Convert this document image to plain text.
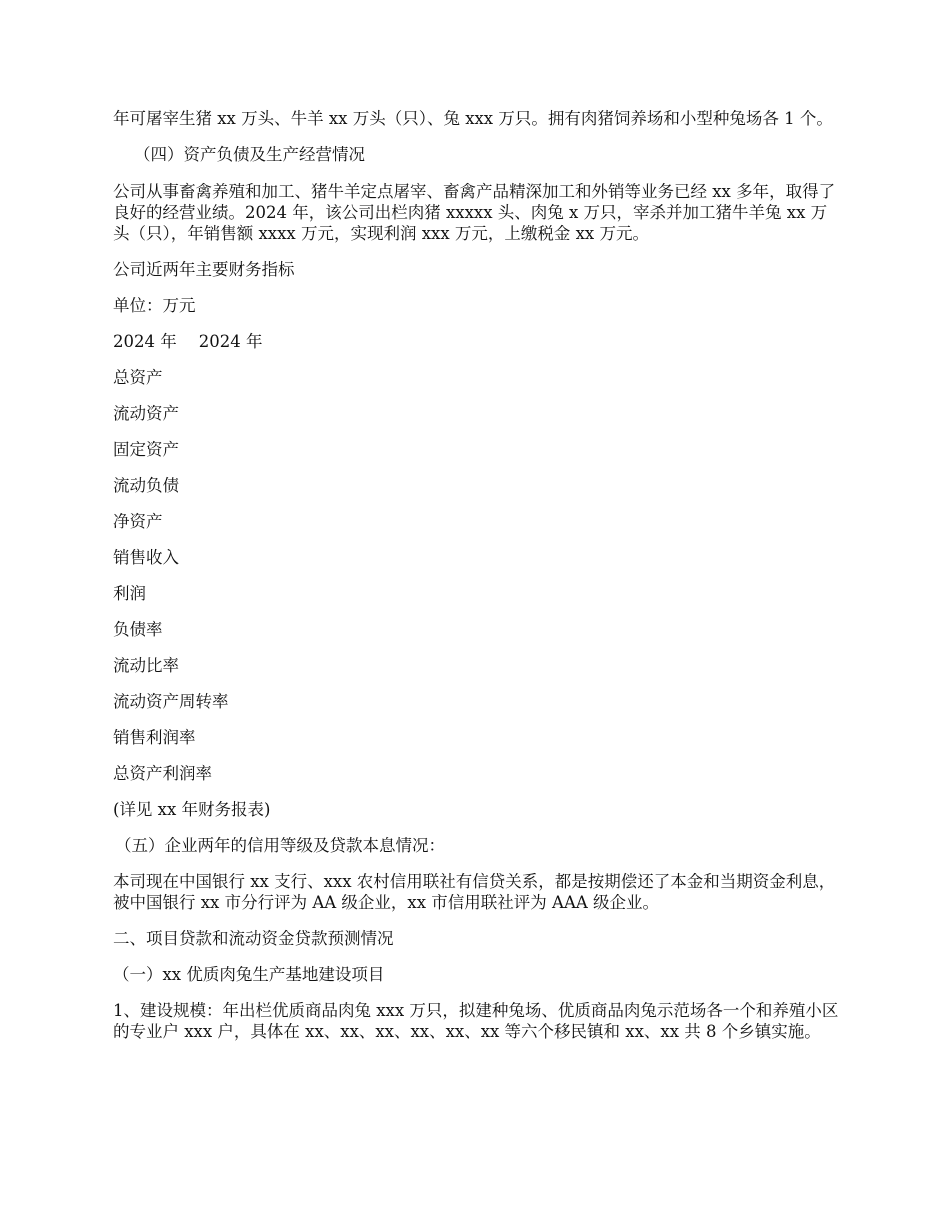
年可屠宰生猪 xx 万头、牛羊 xx 万头（只）、兔 xxx 万只。拥有肉猪饲养场和小型种兔场各 1 个。

（四）资产负债及生产经营情况

公司从事畜禽养殖和加工、猪牛羊定点屠宰、畜禽产品精深加工和外销等业务已经 xx 多年，取得了良好的经营业绩。2024 年，该公司出栏肉猪 xxxxx 头、肉兔 x 万只，宰杀并加工猪牛羊兔 xx 万头（只），年销售额 xxxx 万元，实现利润 xxx 万元，上缴税金 xx 万元。

公司近两年主要财务指标

单位：万元

2024 年 2024 年

总资产

流动资产

固定资产

流动负债

净资产

销售收入

利润

负债率

流动比率

流动资产周转率

销售利润率

总资产利润率

(详见 xx 年财务报表)

（五）企业两年的信用等级及贷款本息情况：

本司现在中国银行 xx 支行、xxx 农村信用联社有信贷关系，都是按期偿还了本金和当期资金利息，被中国银行 xx 市分行评为 AA 级企业，xx 市信用联社评为 AAA 级企业。

二、项目贷款和流动资金贷款预测情况

（一）xx 优质肉兔生产基地建设项目

1、建设规模：年出栏优质商品肉兔 xxx 万只，拟建种兔场、优质商品肉兔示范场各一个和养殖小区的专业户 xxx 户，具体在 xx、xx、xx、xx、xx、xx 等六个移民镇和 xx、xx 共 8 个乡镇实施。
